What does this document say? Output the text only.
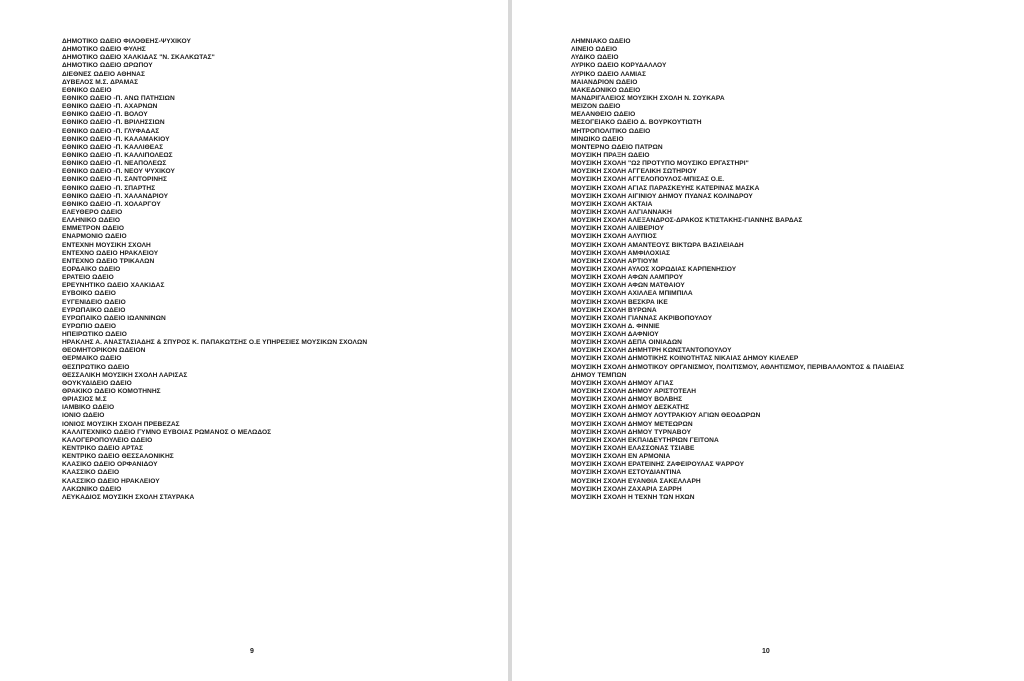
ΔΗΜΟΤΙΚΟ ΩΔΕΙΟ ΦΙΛΟΘΕΗΣ-ΨΥΧΙΚΟΥ
ΔΗΜΟΤΙΚΟ ΩΔΕΙΟ ΦΥΛΗΣ
ΔΗΜΟΤΙΚΟ ΩΔΕΙΟ ΧΑΛΚΙΔΑΣ "Ν. ΣΚΑΛΚΩΤΑΣ"
ΔΗΜΟΤΙΚΟ ΩΔΕΙΟ ΩΡΩΠΟΥ
ΔΙΕΘΝΕΣ ΩΔΕΙΟ ΑΘΗΝΑΣ
ΔΥΒΕΛΟΣ Μ.Σ. ΔΡΑΜΑΣ
ΕΘΝΙΚΟ ΩΔΕΙΟ
ΕΘΝΙΚΟ ΩΔΕΙΟ -Π. ΑΝΩ ΠΑΤΗΣΙΩΝ
ΕΘΝΙΚΟ ΩΔΕΙΟ -Π. ΑΧΑΡΝΩΝ
ΕΘΝΙΚΟ ΩΔΕΙΟ -Π. ΒΟΛΟΥ
ΕΘΝΙΚΟ ΩΔΕΙΟ -Π. ΒΡΙΛΗΣΣΙΩΝ
ΕΘΝΙΚΟ ΩΔΕΙΟ -Π. ΓΛΥΦΑΔΑΣ
ΕΘΝΙΚΟ ΩΔΕΙΟ -Π. ΚΑΛΑΜΑΚΙΟΥ
ΕΘΝΙΚΟ ΩΔΕΙΟ -Π. ΚΑΛΛΙΘΕΑΣ
ΕΘΝΙΚΟ ΩΔΕΙΟ -Π. ΚΑΛΛΙΠΟΛΕΩΣ
ΕΘΝΙΚΟ ΩΔΕΙΟ -Π. ΝΕΑΠΟΛΕΩΣ
ΕΘΝΙΚΟ ΩΔΕΙΟ -Π. ΝΕΟΥ ΨΥΧΙΚΟΥ
ΕΘΝΙΚΟ ΩΔΕΙΟ -Π. ΣΑΝΤΟΡΙΝΗΣ
ΕΘΝΙΚΟ ΩΔΕΙΟ -Π. ΣΠΑΡΤΗΣ
ΕΘΝΙΚΟ ΩΔΕΙΟ -Π. ΧΑΛΑΝΔΡΙΟΥ
ΕΘΝΙΚΟ ΩΔΕΙΟ -Π. ΧΟΛΑΡΓΟΥ
ΕΛΕΥΘΕΡΟ ΩΔΕΙΟ
ΕΛΛΗΝΙΚΟ ΩΔΕΙΟ
ΕΜΜΕΤΡΟΝ ΩΔΕΙΟ
ΕΝΑΡΜΟΝΙΟ ΩΔΕΙΟ
ΕΝΤΕΧΝΗ ΜΟΥΣΙΚΗ ΣΧΟΛΗ
ΕΝΤΕΧΝΟ ΩΔΕΙΟ ΗΡΑΚΛΕΙΟΥ
ΕΝΤΕΧΝΟ ΩΔΕΙΟ ΤΡΙΚΑΛΩΝ
ΕΟΡΔΑΪΚΟ ΩΔΕΙΟ
ΕΡΑΤΕΙΟ ΩΔΕΙΟ
ΕΡΕΥΝΗΤΙΚΟ ΩΔΕΙΟ ΧΑΛΚΙΔΑΣ
ΕΥΒΟΪΚΟ ΩΔΕΙΟ
ΕΥΓΕΝΙΔΕΙΟ ΩΔΕΙΟ
ΕΥΡΩΠΑΪΚΟ ΩΔΕΙΟ
ΕΥΡΩΠΑΪΚΟ ΩΔΕΙΟ ΙΩΑΝΝΙΝΩΝ
ΕΥΡΩΠΙΟ ΩΔΕΙΟ
ΗΠΕΙΡΩΤΙΚΟ ΩΔΕΙΟ
ΗΡΑΚΛΗΣ Α. ΑΝΑΣΤΑΣΙΑΔΗΣ & ΣΠΥΡΟΣ Κ. ΠΑΠΑΚΩΤΣΗΣ Ο.Ε ΥΠΗΡΕΣΙΕΣ ΜΟΥΣΙΚΩΝ ΣΧΟΛΩΝ
ΘΕΟΜΗΤΟΡΙΚΟΝ ΩΔΕΙΟΝ
ΘΕΡΜΑΪΚΟ ΩΔΕΙΟ
ΘΕΣΠΡΩΤΙΚΟ ΩΔΕΙΟ
ΘΕΣΣΑΛΙΚΗ ΜΟΥΣΙΚΗ ΣΧΟΛΗ ΛΑΡΙΣΑΣ
ΘΟΥΚΥΔΙΔΕΙΟ ΩΔΕΙΟ
ΘΡΑΚΙΚΟ ΩΔΕΙΟ ΚΟΜΟΤΗΝΗΣ
ΘΡΙΑΣΙΟΣ Μ.Σ
ΙΑΜΒΙΚΟ ΩΔΕΙΟ
ΙΟΝΙΟ ΩΔΕΙΟ
ΙΟΝΙΟΣ ΜΟΥΣΙΚΗ ΣΧΟΛΗ ΠΡΕΒΕΖΑΣ
ΚΑΛΛΙΤΕΧΝΙΚΟ ΩΔΕΙΟ ΓΥΜΝΟ ΕΥΒΟΙΑΣ ΡΩΜΑΝΟΣ Ο ΜΕΛΩΔΟΣ
ΚΑΛΟΓΕΡΟΠΟΥΛΕΙΟ ΩΔΕΙΟ
ΚΕΝΤΡΙΚΟ ΩΔΕΙΟ ΑΡΤΑΣ
ΚΕΝΤΡΙΚΟ ΩΔΕΙΟ ΘΕΣΣΑΛΟΝΙΚΗΣ
ΚΛΑΣΙΚΟ ΩΔΕΙΟ ΟΡΦΑΝΙΔΟΥ
ΚΛΑΣΣΙΚΟ ΩΔΕΙΟ
ΚΛΑΣΣΙΚΟ ΩΔΕΙΟ ΗΡΑΚΛΕΙΟΥ
ΛΑΚΩΝΙΚΟ ΩΔΕΙΟ
ΛΕΥΚΑΔΙΟΣ ΜΟΥΣΙΚΗ ΣΧΟΛΗ ΣΤΑΥΡΑΚΑ
9
ΛΗΜΝΙΑΚΟ ΩΔΕΙΟ
ΛΙΝΕΙΟ ΩΔΕΙΟ
ΛΥΔΙΚΟ ΩΔΕΙΟ
ΛΥΡΙΚΟ ΩΔΕΙΟ ΚΟΡΥΔΑΛΛΟΥ
ΛΥΡΙΚΟ ΩΔΕΙΟ ΛΑΜΙΑΣ
ΜΑΙΑΝΔΡΙΟΝ ΩΔΕΙΟ
ΜΑΚΕΔΟΝΙΚΟ ΩΔΕΙΟ
ΜΑΝΔΡΙΓΑΛΕΙΟΣ ΜΟΥΣΙΚΗ ΣΧΟΛΗ Ν. ΣΟΥΚΑΡΑ
ΜΕΙΖΟΝ ΩΔΕΙΟ
ΜΕΛΑΝΘΕΙΟ ΩΔΕΙΟ
ΜΕΣΟΓΕΙΑΚΟ ΩΔΕΙΟ Δ. ΒΟΥΡΚΟΥΤΙΩΤΗ
ΜΗΤΡΟΠΟΛΙΤΙΚΟ ΩΔΕΙΟ
ΜΙΝΩΪΚΟ ΩΔΕΙΟ
ΜΟΝΤΕΡΝΟ ΩΔΕΙΟ ΠΑΤΡΩΝ
ΜΟΥΣΙΚΗ ΠΡΑΞΗ ΩΔΕΙΟ
ΜΟΥΣΙΚΗ ΣΧΟΛΗ "Ω2 ΠΡΟΤΥΠΟ ΜΟΥΣΙΚΟ ΕΡΓΑΣΤΗΡΙ"
ΜΟΥΣΙΚΗ ΣΧΟΛΗ ΑΓΓΕΛΙΚΗ ΣΩΤΗΡΙΟΥ
ΜΟΥΣΙΚΗ ΣΧΟΛΗ ΑΓΓΕΛΟΠΟΥΛΟΣ-ΜΠΙΣΑΣ Ο.Ε.
ΜΟΥΣΙΚΗ ΣΧΟΛΗ ΑΓΙΑΣ ΠΑΡΑΣΚΕΥΗΣ ΚΑΤΕΡΙΝΑΣ ΜΑΣΚΑ
ΜΟΥΣΙΚΗ ΣΧΟΛΗ ΑΙΓΙΝΙΟΥ ΔΗΜΟΥ ΠΥΔΝΑΣ ΚΟΛΙΝΔΡΟΥ
ΜΟΥΣΙΚΗ ΣΧΟΛΗ ΑΚΤΑΙΑ
ΜΟΥΣΙΚΗ ΣΧΟΛΗ ΑΛΓΙΑΝΝΑΚΗ
ΜΟΥΣΙΚΗ ΣΧΟΛΗ ΑΛΕΞΑΝΔΡΟΣ-ΔΡΑΚΟΣ ΚΤΙΣΤΑΚΗΣ-ΓΙΑΝΝΗΣ ΒΑΡΔΑΣ
ΜΟΥΣΙΚΗ ΣΧΟΛΗ ΑΛΙΒΕΡΙΟΥ
ΜΟΥΣΙΚΗ ΣΧΟΛΗ ΑΛΥΠΙΟΣ
ΜΟΥΣΙΚΗ ΣΧΟΛΗ ΑΜΑΝΤΕΟΥΣ ΒΙΚΤΩΡΑ ΒΑΣΙΛΕΙΑΔΗ
ΜΟΥΣΙΚΗ ΣΧΟΛΗ ΑΜΦΙΛΟΧΙΑΣ
ΜΟΥΣΙΚΗ ΣΧΟΛΗ ΑΡΤΙΟΥΜ
ΜΟΥΣΙΚΗ ΣΧΟΛΗ ΑΥΛΟΣ ΧΟΡΩΔΙΑΣ ΚΑΡΠΕΝΗΣΙΟΥ
ΜΟΥΣΙΚΗ ΣΧΟΛΗ ΑΦΩΝ ΛΑΜΠΡΟΥ
ΜΟΥΣΙΚΗ ΣΧΟΛΗ ΑΦΩΝ ΜΑΤΘΑΙΟΥ
ΜΟΥΣΙΚΗ ΣΧΟΛΗ ΑΧΙΛΛΕΑ ΜΠΙΜΠΙΛΑ
ΜΟΥΣΙΚΗ ΣΧΟΛΗ ΒΕΣΚΡΑ ΙΚΕ
ΜΟΥΣΙΚΗ ΣΧΟΛΗ ΒΥΡΩΝΑ
ΜΟΥΣΙΚΗ ΣΧΟΛΗ ΓΙΑΝΝΑΣ ΑΚΡΙΒΟΠΟΥΛΟΥ
ΜΟΥΣΙΚΗ ΣΧΟΛΗ Δ. ΦΙΝΝΙΕ
ΜΟΥΣΙΚΗ ΣΧΟΛΗ ΔΑΦΝΙΟΥ
ΜΟΥΣΙΚΗ ΣΧΟΛΗ ΔΕΠΑ ΟΙΝΙΑΔΩΝ
ΜΟΥΣΙΚΗ ΣΧΟΛΗ ΔΗΜΗΤΡΗ ΚΩΝΣΤΑΝΤΟΠΟΥΛΟΥ
ΜΟΥΣΙΚΗ ΣΧΟΛΗ ΔΗΜΟΤΙΚΗΣ ΚΟΙΝΟΤΗΤΑΣ ΝΙΚΑΙΑΣ ΔΗΜΟΥ ΚΙΛΕΛΕΡ
ΜΟΥΣΙΚΗ ΣΧΟΛΗ ΔΗΜΟΤΙΚΟΥ ΟΡΓΑΝΙΣΜΟΥ, ΠΟΛΙΤΙΣΜΟΥ, ΑΘΛΗΤΙΣΜΟΥ, ΠΕΡΙΒΑΛΛΟΝΤΟΣ & ΠΑΙΔΕΙΑΣ
ΔΗΜΟΥ ΤΕΜΠΩΝ
ΜΟΥΣΙΚΗ ΣΧΟΛΗ ΔΗΜΟΥ ΑΓΙΑΣ
ΜΟΥΣΙΚΗ ΣΧΟΛΗ ΔΗΜΟΥ ΑΡΙΣΤΟΤΕΛΗ
ΜΟΥΣΙΚΗ ΣΧΟΛΗ ΔΗΜΟΥ ΒΟΛΒΗΣ
ΜΟΥΣΙΚΗ ΣΧΟΛΗ ΔΗΜΟΥ ΔΕΣΚΑΤΗΣ
ΜΟΥΣΙΚΗ ΣΧΟΛΗ ΔΗΜΟΥ ΛΟΥΤΡΑΚΙΟΥ ΑΓΙΩΝ ΘΕΟΔΩΡΩΝ
ΜΟΥΣΙΚΗ ΣΧΟΛΗ ΔΗΜΟΥ ΜΕΤΕΩΡΩΝ
ΜΟΥΣΙΚΗ ΣΧΟΛΗ ΔΗΜΟΥ ΤΥΡΝΑΒΟΥ
ΜΟΥΣΙΚΗ ΣΧΟΛΗ ΕΚΠΑΙΔΕΥΤΗΡΙΩΝ ΓΕΙΤΟΝΑ
ΜΟΥΣΙΚΗ ΣΧΟΛΗ ΕΛΑΣΣΟΝΑΣ ΤΣΙΑΒΕ
ΜΟΥΣΙΚΗ ΣΧΟΛΗ ΕΝ ΑΡΜΟΝΙΑ
ΜΟΥΣΙΚΗ ΣΧΟΛΗ ΕΡΑΤΕΙΝΗΣ ΖΑΦΕΙΡΟΥΛΑΣ ΨΑΡΡΟΥ
ΜΟΥΣΙΚΗ ΣΧΟΛΗ ΕΣΤΟΥΔΙΑΝΤΙΝΑ
ΜΟΥΣΙΚΗ ΣΧΟΛΗ ΕΥΑΝΘΙΑ ΣΑΚΕΛΛΑΡΗ
ΜΟΥΣΙΚΗ ΣΧΟΛΗ ΖΑΧΑΡΙΑ ΣΑΡΡΗ
ΜΟΥΣΙΚΗ ΣΧΟΛΗ Η ΤΕΧΝΗ ΤΩΝ ΗΧΩΝ
10
